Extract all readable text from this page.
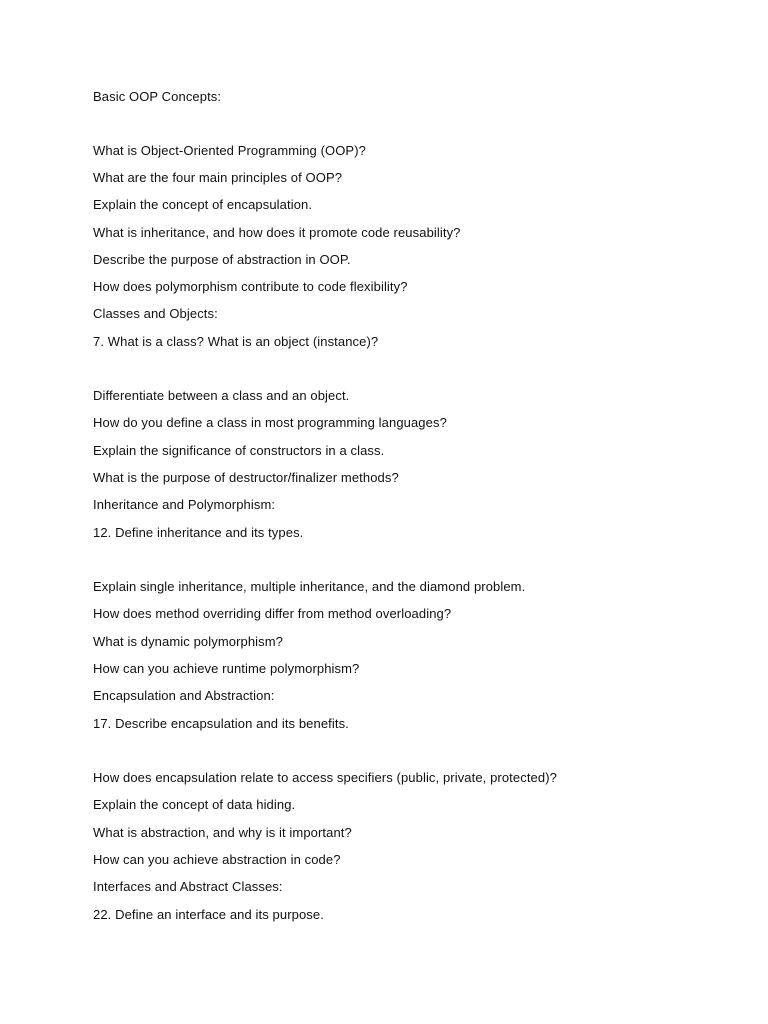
Basic OOP Concepts:
What is Object-Oriented Programming (OOP)?
What are the four main principles of OOP?
Explain the concept of encapsulation.
What is inheritance, and how does it promote code reusability?
Describe the purpose of abstraction in OOP.
How does polymorphism contribute to code flexibility?
Classes and Objects:
7. What is a class? What is an object (instance)?
Differentiate between a class and an object.
How do you define a class in most programming languages?
Explain the significance of constructors in a class.
What is the purpose of destructor/finalizer methods?
Inheritance and Polymorphism:
12. Define inheritance and its types.
Explain single inheritance, multiple inheritance, and the diamond problem.
How does method overriding differ from method overloading?
What is dynamic polymorphism?
How can you achieve runtime polymorphism?
Encapsulation and Abstraction:
17. Describe encapsulation and its benefits.
How does encapsulation relate to access specifiers (public, private, protected)?
Explain the concept of data hiding.
What is abstraction, and why is it important?
How can you achieve abstraction in code?
Interfaces and Abstract Classes:
22. Define an interface and its purpose.
